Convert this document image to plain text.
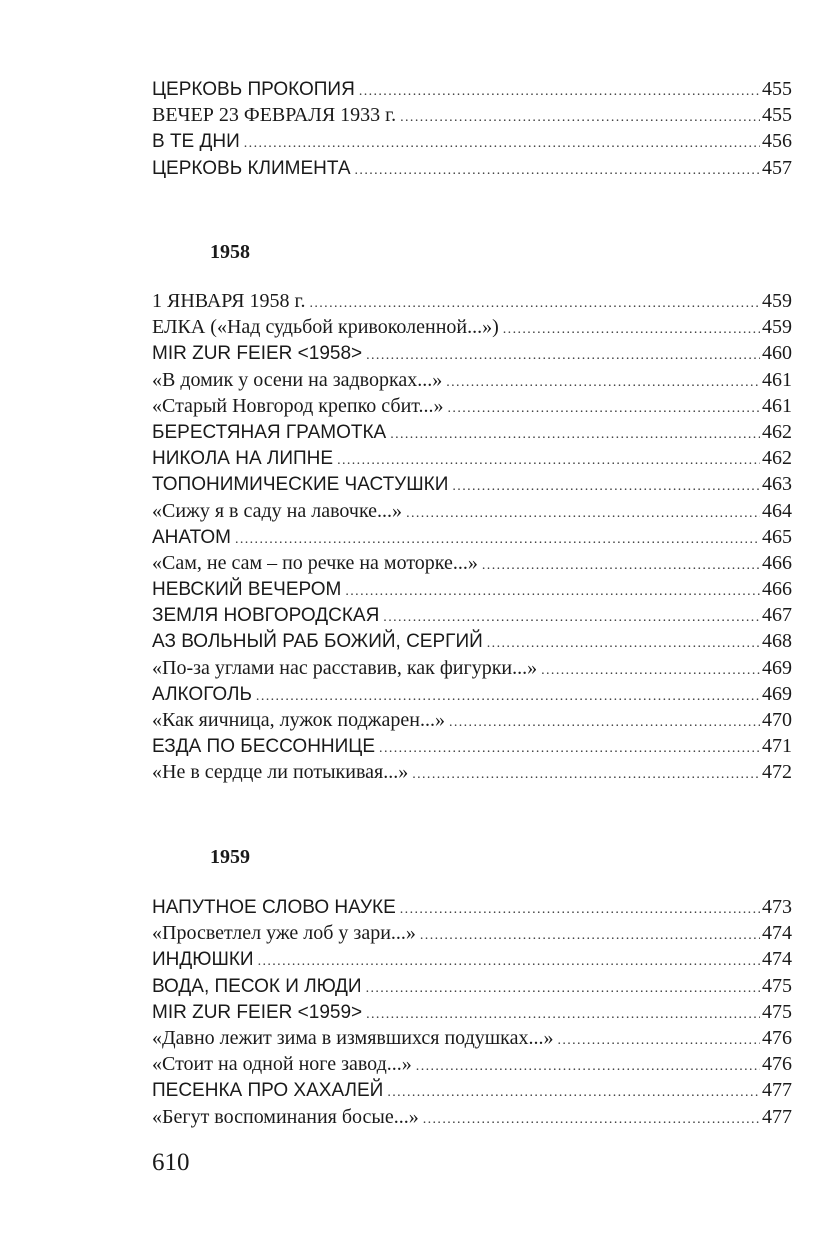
ЦЕРКОВЬ ПРОКОПИЯ .....	455
ВЕЧЕР 23 ФЕВРАЛЯ 1933 г. .....	455
В ТЕ ДНИ .....	456
ЦЕРКОВЬ КЛИМЕНТА .....	457
1958
1 ЯНВАРЯ 1958 г. .....	459
ЕЛКА («Над судьбой кривоколенной...») .....	459
MIR ZUR FEIER <1958> .....	460
«В домик у осени на задворках...» .....	461
«Старый Новгород крепко сбит...» .....	461
БЕРЕСТЯНАЯ ГРАМОТКА .....	462
НИКОЛА НА ЛИПНЕ .....	462
ТОПОНИМИЧЕСКИЕ ЧАСТУШКИ .....	463
«Сижу я в саду на лавочке...» .....	464
АНАТОМ .....	465
«Сам, не сам – по речке на моторке...» .....	466
НЕВСКИЙ ВЕЧЕРОМ .....	466
ЗЕМЛЯ НОВГОРОДСКАЯ .....	467
АЗ ВОЛЬНЫЙ РАБ БОЖИЙ, СЕРГИЙ .....	468
«По-за углами нас расставив, как фигурки...» .....	469
АЛКОГОЛЬ .....	469
«Как яичница, лужок поджарен...» .....	470
ЕЗДА ПО БЕССОННИЦЕ .....	471
«Не в сердце ли потыкивая...» .....	472
1959
НАПУТНОЕ СЛОВО НАУКЕ .....	473
«Просветлел уже лоб у зари...» .....	474
ИНДЮШКИ .....	474
ВОДА, ПЕСОК И ЛЮДИ .....	475
MIR ZUR FEIER <1959> .....	475
«Давно лежит зима в измявшихся подушках...» .....	476
«Стоит на одной ноге завод...» .....	476
ПЕСЕНКА ПРО ХАХАЛЕЙ .....	477
«Бегут воспоминания босые...» .....	477
610
